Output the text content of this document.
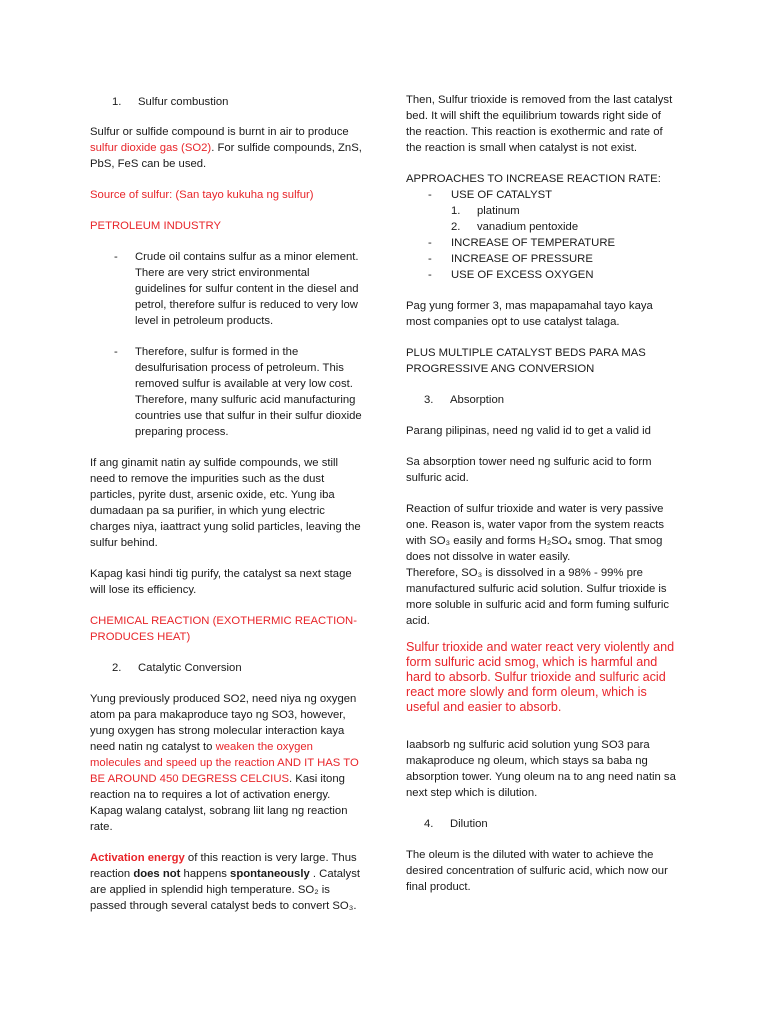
1.	Sulfur combustion

Sulfur or sulfide compound is burnt in air to produce sulfur dioxide gas (SO2). For sulfide compounds, ZnS, PbS, FeS can be used.

Source of sulfur: (San tayo kukuha ng sulfur)

PETROLEUM INDUSTRY

-	Crude oil contains sulfur as a minor element. There are very strict environmental guidelines for sulfur content in the diesel and petrol, therefore sulfur is reduced to very low level in petroleum products.
-	Therefore, sulfur is formed in the desulfurisation process of petroleum. This removed sulfur is available at very low cost. Therefore, many sulfuric acid manufacturing countries use that sulfur in their sulfur dioxide preparing process.

If ang ginamit natin ay sulfide compounds, we still need to remove the impurities such as the dust particles, pyrite dust, arsenic oxide, etc. Yung iba dumadaan pa sa purifier, in which yung electric charges niya, iaattract yung solid particles, leaving the sulfur behind.

Kapag kasi hindi tig purify, the catalyst sa next stage will lose its efficiency.

CHEMICAL REACTION (EXOTHERMIC REACTION-PRODUCES HEAT)

2.	Catalytic Conversion

Yung previously produced SO2, need niya ng oxygen atom pa para makaproduce tayo ng SO3, however, yung oxygen has strong molecular interaction kaya need natin ng catalyst to weaken the oxygen molecules and speed up the reaction AND IT HAS TO BE AROUND 450 DEGRESS CELCIUS. Kasi itong reaction na to requires a lot of activation energy. Kapag walang catalyst, sobrang liit lang ng reaction rate.

Activation energy of this reaction is very large. Thus reaction does not happens spontaneously . Catalyst are applied in splendid high temperature. SO₂ is passed through several catalyst beds to convert SO₃.

Then, Sulfur trioxide is removed from the last catalyst bed. It will shift the equilibrium towards right side of the reaction. This reaction is exothermic and rate of the reaction is small when catalyst is not exist.

APPROACHES TO INCREASE REACTION RATE:

-	USE OF CATALYST
1.	platinum
2.	vanadium pentoxide
-	INCREASE OF TEMPERATURE
-	INCREASE OF PRESSURE
-	USE OF EXCESS OXYGEN

Pag yung former 3, mas mapapamahal tayo kaya most companies opt to use catalyst talaga.

PLUS MULTIPLE CATALYST BEDS PARA MAS PROGRESSIVE ANG CONVERSION

3.	Absorption

Parang pilipinas, need ng valid id to get a valid id

Sa absorption tower need ng sulfuric acid to form sulfuric acid.

Reaction of sulfur trioxide and water is very passive one. Reason is, water vapor from the system reacts with SO₃ easily and forms H₂SO₄ smog. That smog does not dissolve in water easily.

Therefore, SO₃ is dissolved in a 98% - 99% pre manufactured sulfuric acid solution. Sulfur trioxide is more soluble in sulfuric acid and form fuming sulfuric acid.

Sulfur trioxide and water react very violently and form sulfuric acid smog, which is harmful and hard to absorb. Sulfur trioxide and sulfuric acid react more slowly and form oleum, which is useful and easier to absorb.

Iaabsorb ng sulfuric acid solution yung SO3 para makaproduce ng oleum, which stays sa baba ng absorption tower. Yung oleum na to ang need natin sa next step which is dilution.

4.	Dilution

The oleum is the diluted with water to achieve the desired concentration of sulfuric acid, which now our final product.
